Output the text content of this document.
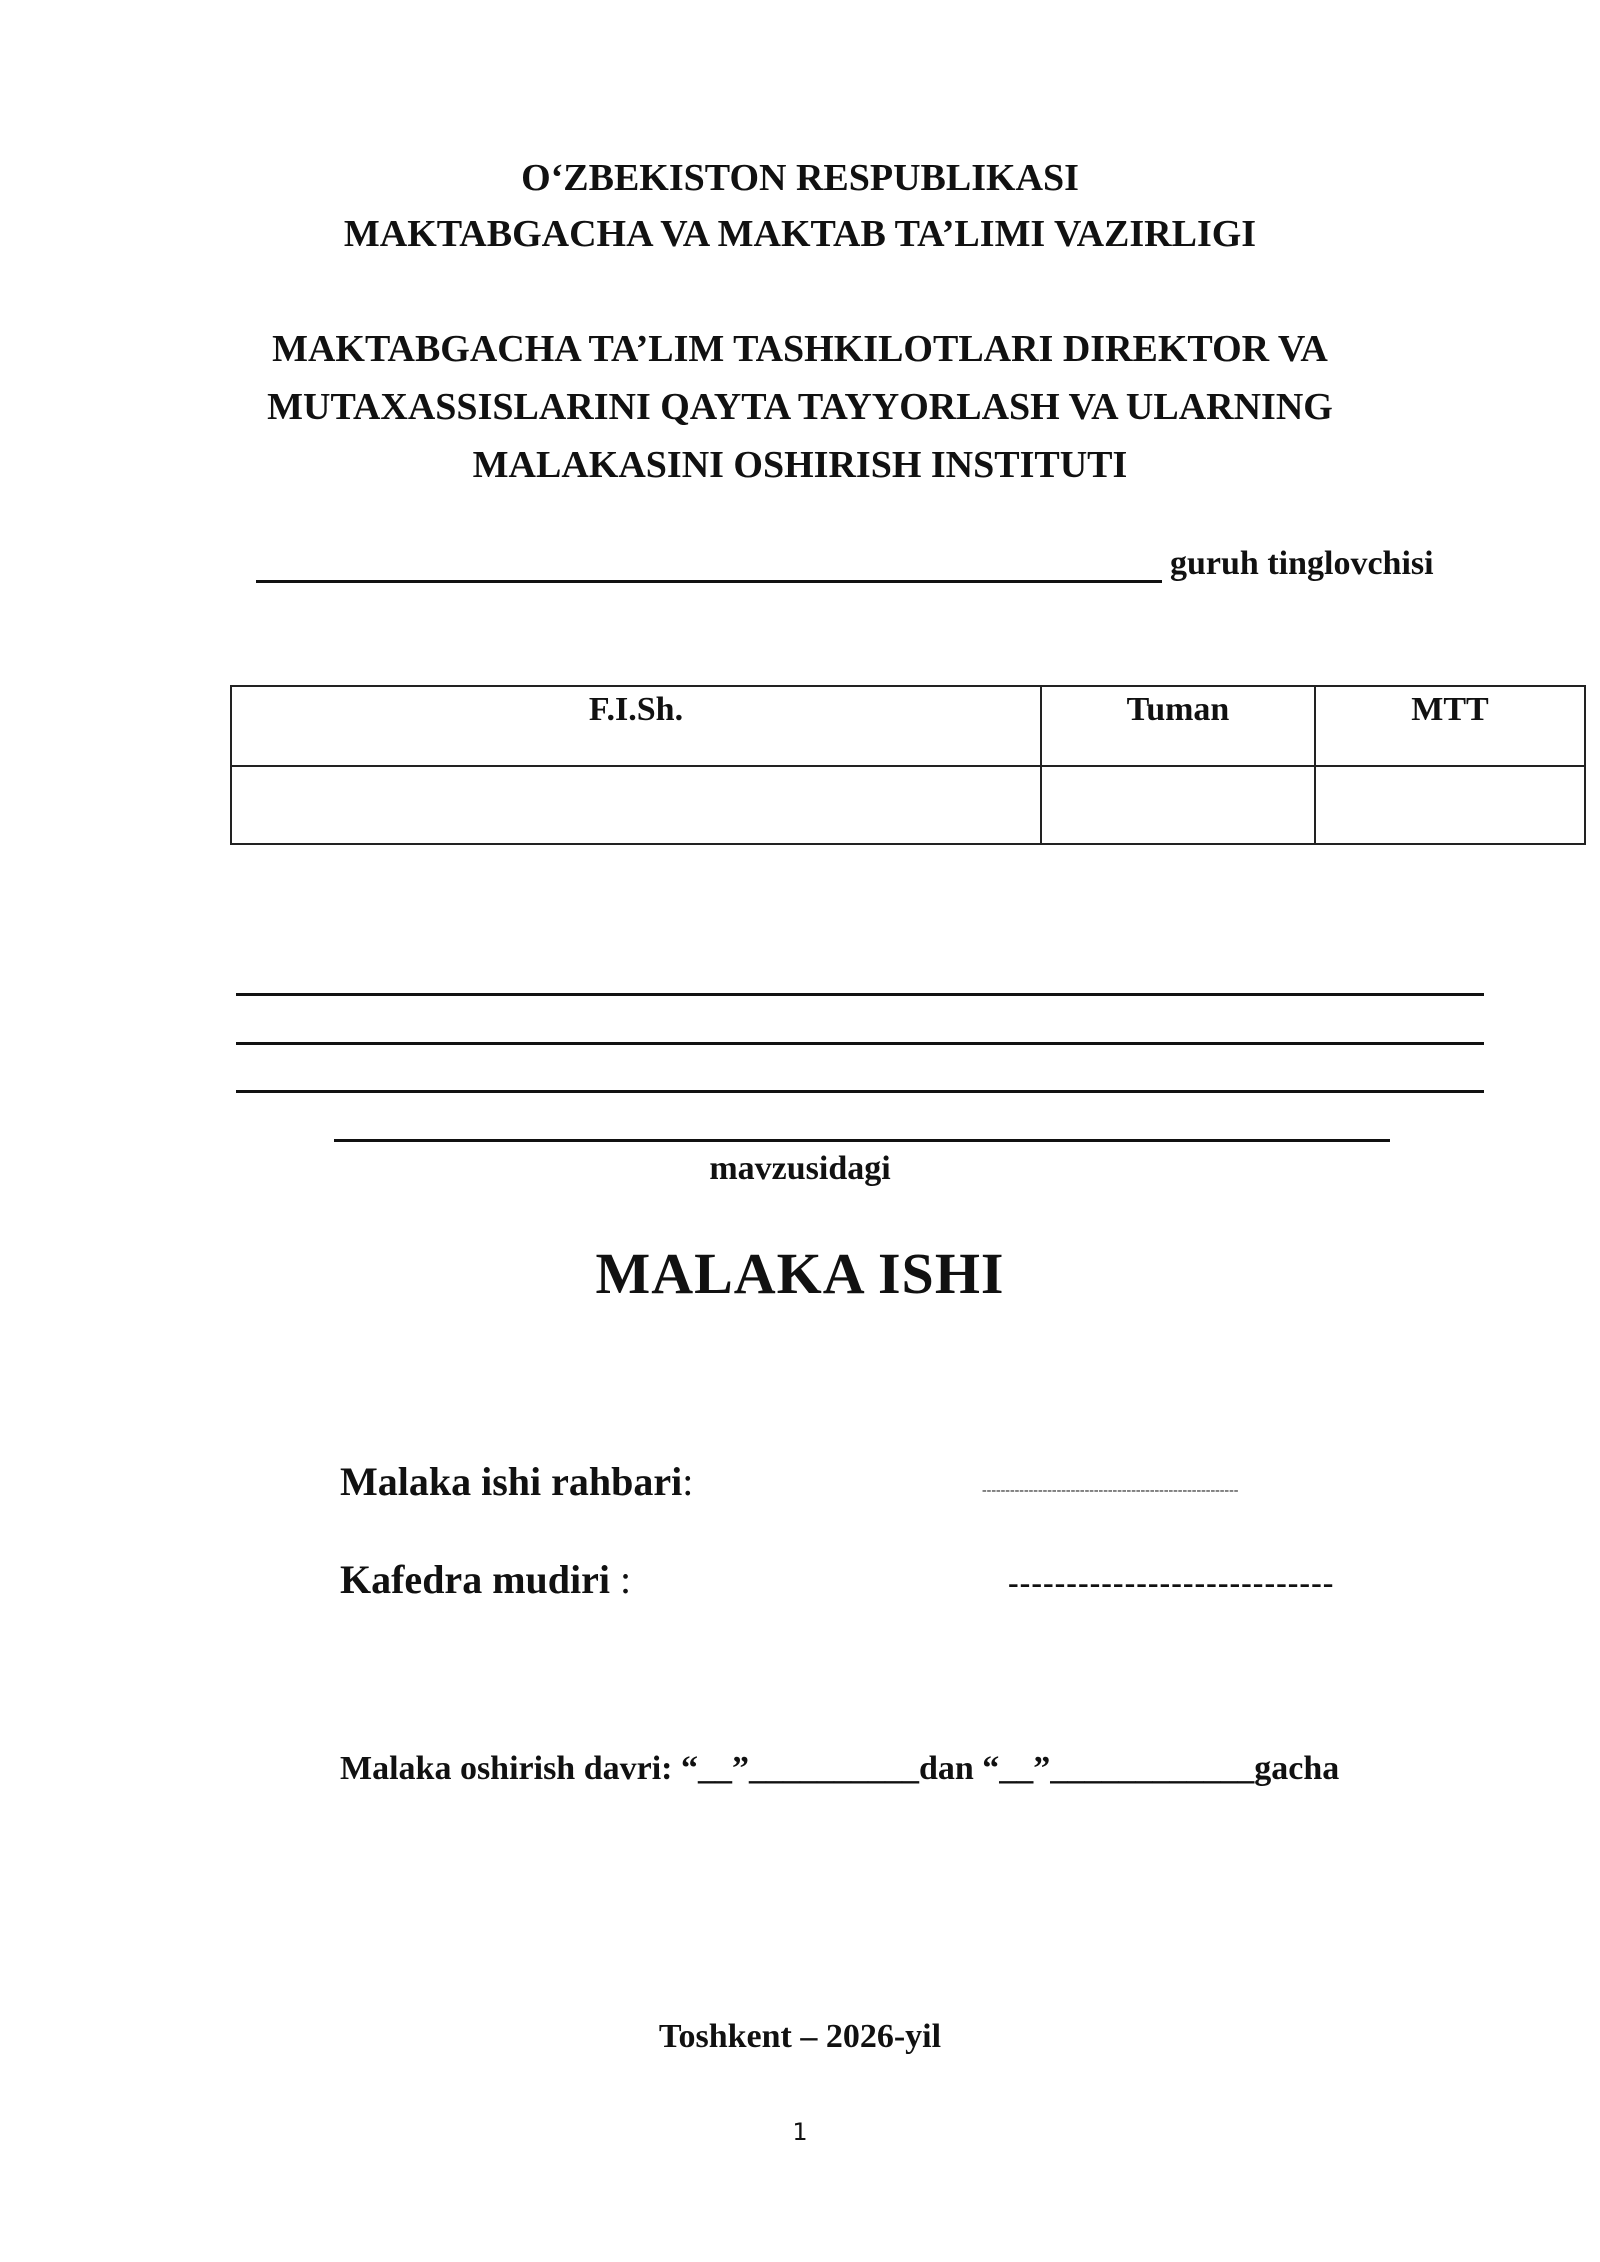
O‘ZBEKISTON RESPUBLIKASI
MAKTABGACHA VA MAKTAB TA’LIMI VAZIRLIGI
MAKTABGACHA TA’LIM TASHKILOTLARI DIREKTOR VA
MUTAXASSISLARINI QAYTA TAYYORLASH VA ULARNING
MALAKASINI OSHIRISH INSTITUTI
guruh tinglovchisi
F.I.Sh.	Tuman	MTT

mavzusidagi
MALAKA ISHI
Malaka ishi rahbari:	-------------------------------------------------------
Kafedra mudiri :	----------------------------
Malaka oshirish davri: “__”__________dan “__”____________gacha
Toshkent – 2026-yil
1
